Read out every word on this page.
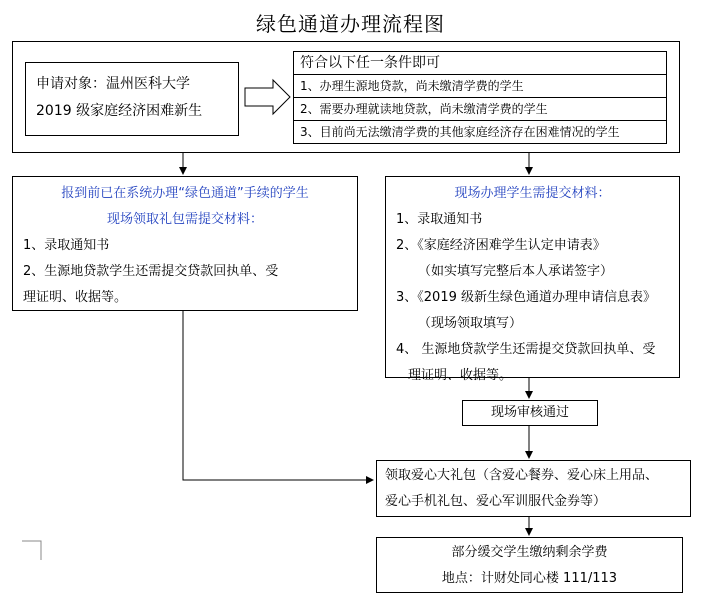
绿色通道办理流程图
申请对象：温州医科大学
2019 级家庭经济困难新生
符合以下任一条件即可
1、办理生源地贷款，尚未缴清学费的学生
2、需要办理就读地贷款，尚未缴清学费的学生
3、目前尚无法缴清学费的其他家庭经济存在困难情况的学生
报到前已在系统办理“绿色通道”手续的学生
现场领取礼包需提交材料：
1、录取通知书
2、生源地贷款学生还需提交贷款回执单、受
理证明、收据等。
现场办理学生需提交材料：
1、录取通知书
2、《家庭经济困难学生认定申请表》
（如实填写完整后本人承诺签字）
3、《2019 级新生绿色通道办理申请信息表》
（现场领取填写）
4、 生源地贷款学生还需提交贷款回执单、受
理证明、收据等。
现场审核通过
领取爱心大礼包（含爱心餐券、爱心床上用品、
爱心手机礼包、爱心军训服代金券等）
部分缓交学生缴纳剩余学费
地点：计财处同心楼 111/113
